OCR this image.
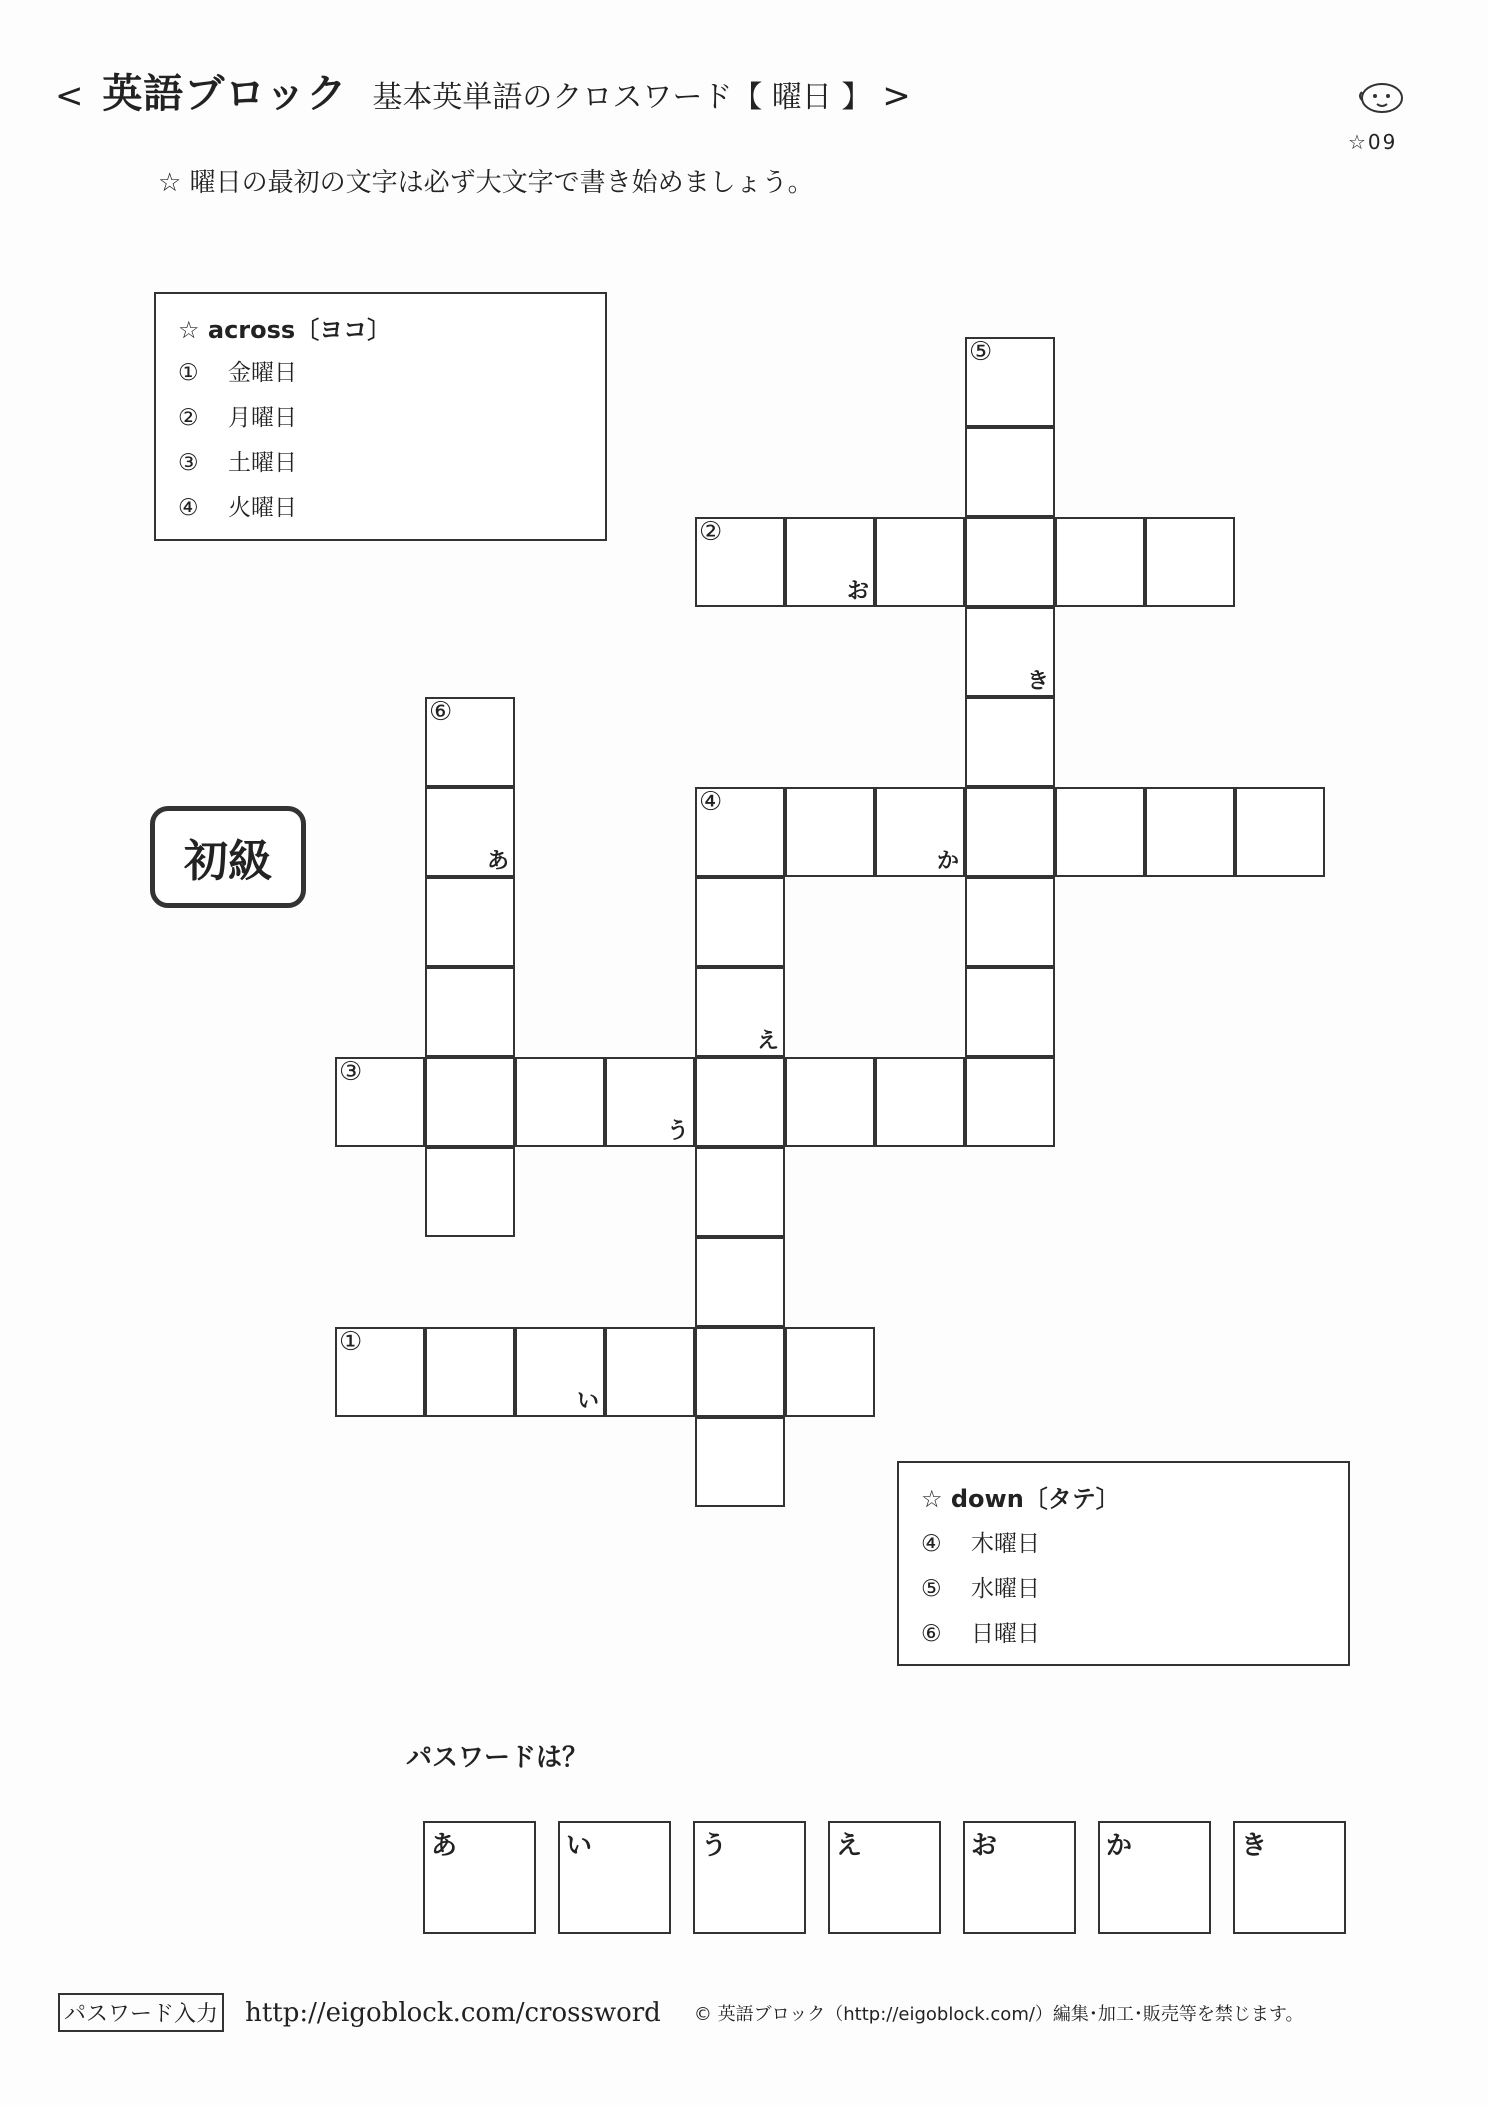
< 英語ブロック 基本英単語のクロスワード【 曜日 】 >
☆09
☆ 曜日の最初の文字は必ず大文字で書き始めましょう。
☆ across〔ヨコ〕
① 金曜日
② 月曜日
③ 土曜日
④ 火曜日
初級
⑤
き
②
お
④
か
⑥
あ
え
③
う
①
い
☆ down〔タテ〕
④ 木曜日
⑤ 水曜日
⑥ 日曜日
パスワードは？
あ	い	う	え	お	か	き
パスワード入力 http://eigoblock.com/crossword © 英語ブロック（http://eigoblock.com/）編集･加工･販売等を禁じます。
